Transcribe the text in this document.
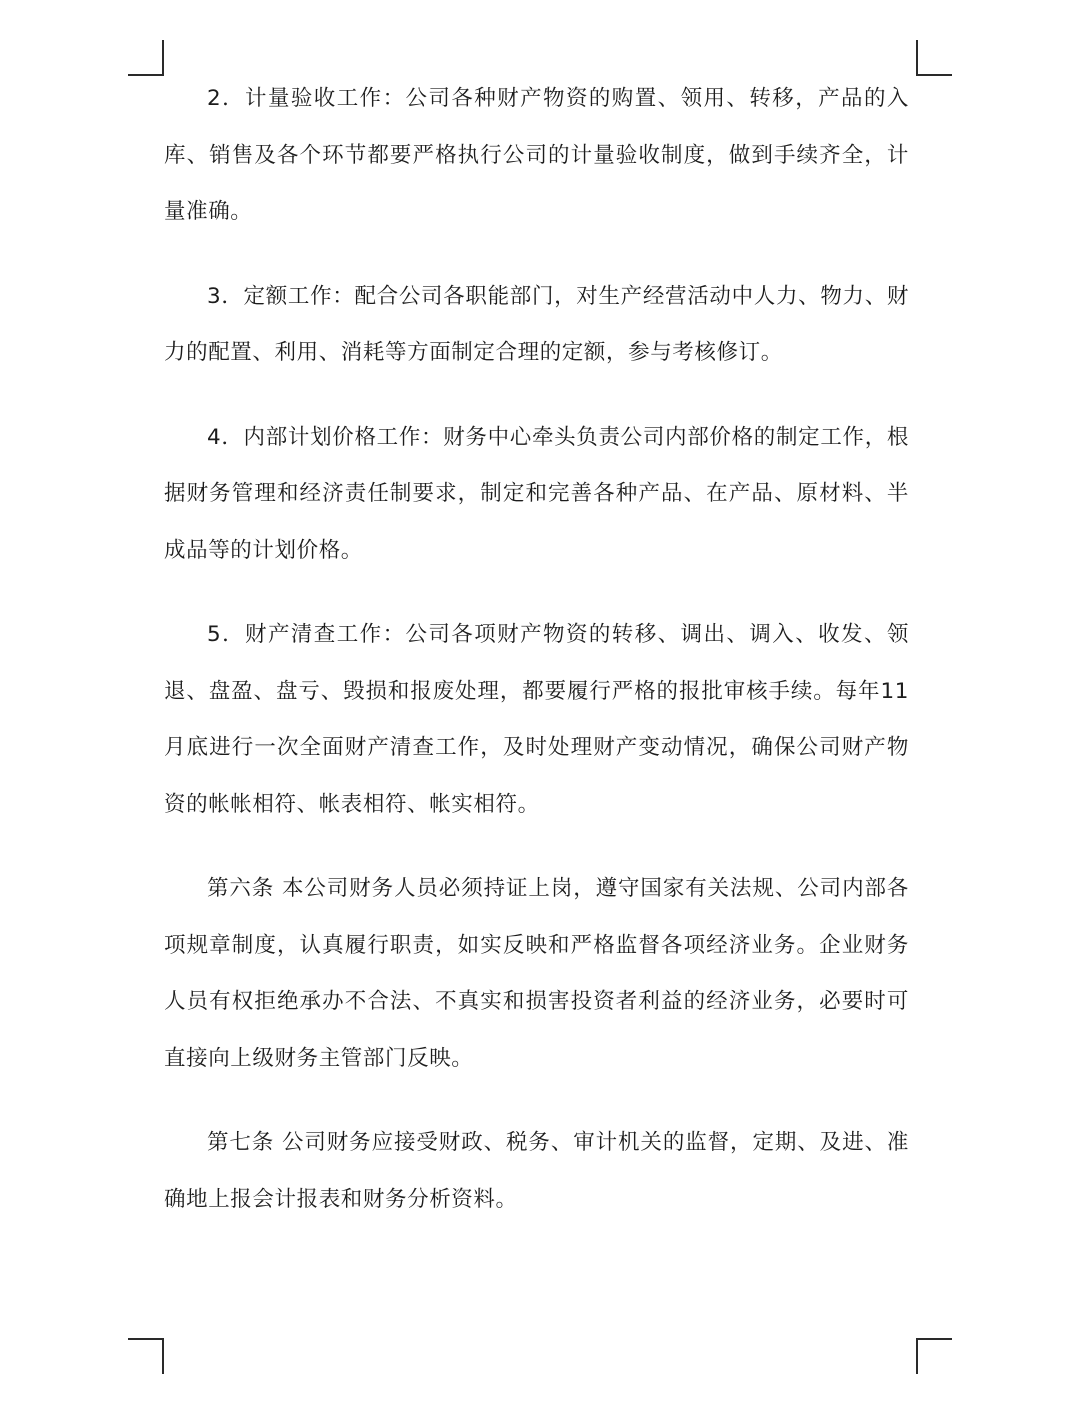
2．计量验收工作：公司各种财产物资的购置、领用、转移，产品的入库、销售及各个环节都要严格执行公司的计量验收制度，做到手续齐全，计量准确。

3．定额工作：配合公司各职能部门，对生产经营活动中人力、物力、财力的配置、利用、消耗等方面制定合理的定额，参与考核修订。

4．内部计划价格工作：财务中心牵头负责公司内部价格的制定工作，根据财务管理和经济责任制要求，制定和完善各种产品、在产品、原材料、半成品等的计划价格。

5．财产清查工作：公司各项财产物资的转移、调出、调入、收发、领退、盘盈、盘亏、毁损和报废处理，都要履行严格的报批审核手续。每年11月底进行一次全面财产清查工作，及时处理财产变动情况，确保公司财产物资的帐帐相符、帐表相符、帐实相符。

第六条 本公司财务人员必须持证上岗，遵守国家有关法规、公司内部各项规章制度，认真履行职责，如实反映和严格监督各项经济业务。企业财务人员有权拒绝承办不合法、不真实和损害投资者利益的经济业务，必要时可直接向上级财务主管部门反映。

第七条 公司财务应接受财政、税务、审计机关的监督，定期、及进、准确地上报会计报表和财务分析资料。
